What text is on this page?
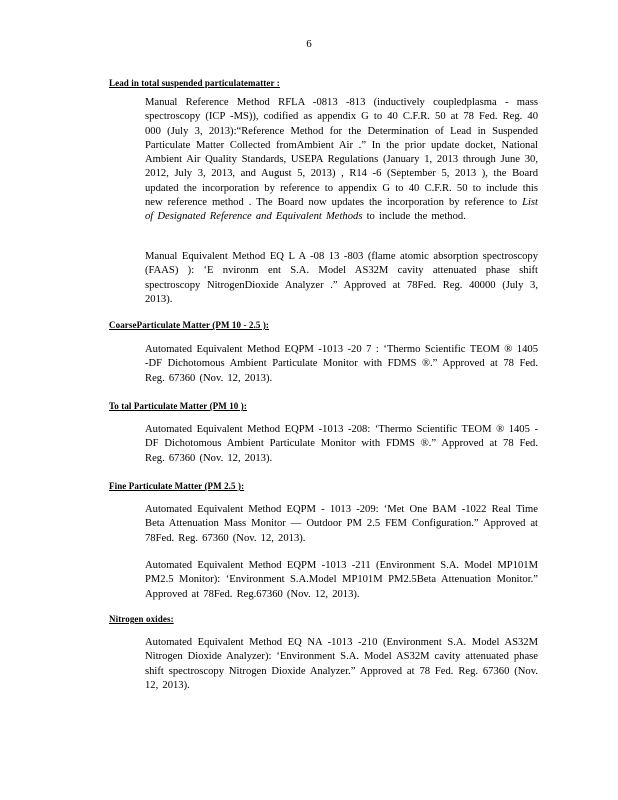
6
Lead in total suspended particulatematter :
Manual Reference Method RFLA -0813 -813 (inductively coupledplasma - mass spectroscopy (ICP -MS)), codified as appendix G to 40 C.F.R. 50 at 78 Fed. Reg. 40 000 (July 3, 2013):“Reference Method for the Determination of Lead in Suspended Particulate Matter Collected fromAmbient Air .” In the prior update docket, National Ambient Air Quality Standards, USEPA Regulations (January 1, 2013 through June 30, 2012, July 3, 2013, and August 5, 2013) , R14 -6 (September 5, 2013 ), the Board updated the incorporation by reference to appendix G to 40 C.F.R. 50 to include this new reference method . The Board now updates the incorporation by reference to List of Designated Reference and Equivalent Methods to include the method.
Manual Equivalent Method EQ L A -08 13 -803 (flame atomic absorption spectroscopy (FAAS) ): ‘E nvironm ent S.A. Model AS32M cavity attenuated phase shift spectroscopy NitrogenDioxide Analyzer .” Approved at 78Fed. Reg. 40000 (July 3, 2013).
CoarseParticulate Matter (PM 10 - 2.5 ):
Automated Equivalent Method EQPM -1013 -20 7 : ‘Thermo Scientific TEOM ® 1405 -DF Dichotomous Ambient Particulate Monitor with FDMS ®.” Approved at 78 Fed. Reg. 67360 (Nov. 12, 2013).
To tal Particulate Matter (PM 10 ):
Automated Equivalent Method EQPM -1013 -208: ‘Thermo Scientific TEOM ® 1405 -DF Dichotomous Ambient Particulate Monitor with FDMS ®.” Approved at 78 Fed. Reg. 67360 (Nov. 12, 2013).
Fine Particulate Matter (PM 2.5 ):
Automated Equivalent Method EQPM - 1013 -209: ‘Met One BAM -1022 Real Time Beta Attenuation Mass Monitor — Outdoor PM 2.5 FEM Configuration.” Approved at 78Fed. Reg. 67360 (Nov. 12, 2013).
Automated Equivalent Method EQPM -1013 -211 (Environment S.A. Model MP101M PM2.5 Monitor): ‘Environment S.A.Model MP101M PM2.5Beta Attenuation Monitor.” Approved at 78Fed. Reg.67360 (Nov. 12, 2013).
Nitrogen oxides:
Automated Equivalent Method EQ NA -1013 -210 (Environment S.A. Model AS32M Nitrogen Dioxide Analyzer): ‘Environment S.A. Model AS32M cavity attenuated phase shift spectroscopy Nitrogen Dioxide Analyzer.” Approved at 78 Fed. Reg. 67360 (Nov. 12, 2013).
